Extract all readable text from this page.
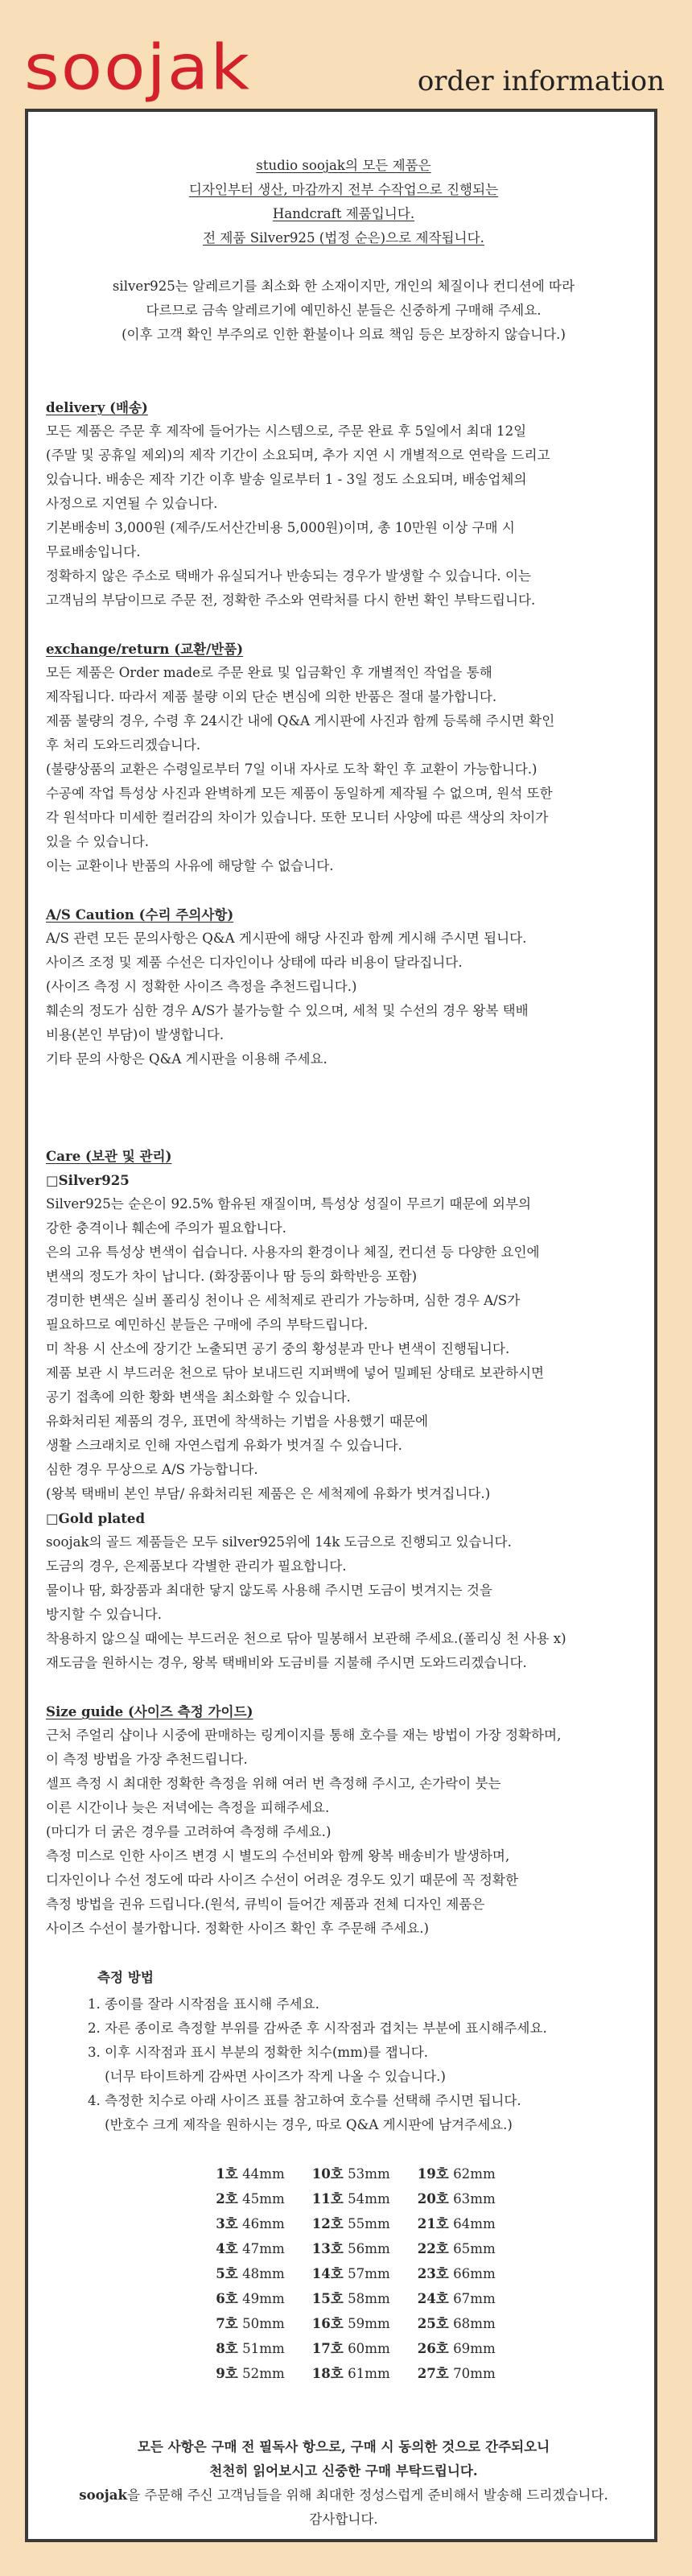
soojak	order information

studio soojak의 모든 제품은

디자인부터 생산, 마감까지 전부 수작업으로 진행되는

Handcraft 제품입니다.

전 제품 Silver925 (법정 순은)으로 제작됩니다.

silver925는 알레르기를 최소화 한 소재이지만, 개인의 체질이나 컨디션에 따라

다르므로 금속 알레르기에 예민하신 분들은 신중하게 구매해 주세요.

(이후 고객 확인 부주의로 인한 환불이나 의료 책임 등은 보장하지 않습니다.)

delivery (배송)

모든 제품은 주문 후 제작에 들어가는 시스템으로, 주문 완료 후 5일에서 최대 12일

(주말 및 공휴일 제외)의 제작 기간이 소요되며, 추가 지연 시 개별적으로 연락을 드리고

있습니다. 배송은 제작 기간 이후 발송 일로부터 1 - 3일 정도 소요되며, 배송업체의

사정으로 지연될 수 있습니다.

기본배송비 3,000원 (제주/도서산간비용 5,000원)이며, 총 10만원 이상 구매 시

무료배송입니다.

정확하지 않은 주소로 택배가 유실되거나 반송되는 경우가 발생할 수 있습니다. 이는

고객님의 부담이므로 주문 전, 정확한 주소와 연락처를 다시 한번 확인 부탁드립니다.

exchange/return (교환/반품)

모든 제품은 Order made로 주문 완료 및 입금확인 후 개별적인 작업을 통해

제작됩니다. 따라서 제품 불량 이외 단순 변심에 의한 반품은 절대 불가합니다.

제품 불량의 경우, 수령 후 24시간 내에 Q&A 게시판에 사진과 함께 등록해 주시면 확인

후 처리 도와드리겠습니다.

(불량상품의 교환은 수령일로부터 7일 이내 자사로 도착 확인 후 교환이 가능합니다.)

수공예 작업 특성상 사진과 완벽하게 모든 제품이 동일하게 제작될 수 없으며, 원석 또한

각 원석마다 미세한 컬러감의 차이가 있습니다. 또한 모니터 사양에 따른 색상의 차이가

있을 수 있습니다.

이는 교환이나 반품의 사유에 해당할 수 없습니다.

A/S Caution (수리 주의사항)

A/S 관련 모든 문의사항은 Q&A 게시판에 해당 사진과 함께 게시해 주시면 됩니다.

사이즈 조정 및 제품 수선은 디자인이나 상태에 따라 비용이 달라집니다.

(사이즈 측정 시 정확한 사이즈 측정을 추천드립니다.)

훼손의 정도가 심한 경우 A/S가 불가능할 수 있으며, 세척 및 수선의 경우 왕복 택배

비용(본인 부담)이 발생합니다.

기타 문의 사항은 Q&A 게시판을 이용해 주세요.

Care (보관 및 관리)

□Silver925

Silver925는 순은이 92.5% 함유된 재질이며, 특성상 성질이 무르기 때문에 외부의

강한 충격이나 훼손에 주의가 필요합니다.

은의 고유 특성상 변색이 쉽습니다. 사용자의 환경이나 체질, 컨디션 등 다양한 요인에

변색의 정도가 차이 납니다. (화장품이나 땀 등의 화학반응 포함)

경미한 변색은 실버 폴리싱 천이나 은 세척제로 관리가 가능하며, 심한 경우 A/S가

필요하므로 예민하신 분들은 구매에 주의 부탁드립니다.

미 착용 시 산소에 장기간 노출되면 공기 중의 황성분과 만나 변색이 진행됩니다.

제품 보관 시 부드러운 천으로 닦아 보내드린 지퍼백에 넣어 밀폐된 상태로 보관하시면

공기 접촉에 의한 황화 변색을 최소화할 수 있습니다.

유화처리된 제품의 경우, 표면에 착색하는 기법을 사용했기 때문에

생활 스크래치로 인해 자연스럽게 유화가 벗겨질 수 있습니다.

심한 경우 무상으로 A/S 가능합니다.

(왕복 택배비 본인 부담/ 유화처리된 제품은 은 세척제에 유화가 벗겨집니다.)

□Gold plated

soojak의 골드 제품들은 모두 silver925위에 14k 도금으로 진행되고 있습니다.

도금의 경우, 은제품보다 각별한 관리가 필요합니다.

물이나 땀, 화장품과 최대한 닿지 않도록 사용해 주시면 도금이 벗겨지는 것을

방지할 수 있습니다.

착용하지 않으실 때에는 부드러운 천으로 닦아 밀봉해서 보관해 주세요.(폴리싱 천 사용 x)

재도금을 원하시는 경우, 왕복 택배비와 도금비를 지불해 주시면 도와드리겠습니다.

Size guide (사이즈 측정 가이드)

근처 주얼리 샵이나 시중에 판매하는 링게이지를 통해 호수를 재는 방법이 가장 정확하며,

이 측정 방법을 가장 추천드립니다.

셀프 측정 시 최대한 정확한 측정을 위해 여러 번 측정해 주시고, 손가락이 붓는

이른 시간이나 늦은 저녁에는 측정을 피해주세요.

(마디가 더 굵은 경우를 고려하여 측정해 주세요.)

측정 미스로 인한 사이즈 변경 시 별도의 수선비와 함께 왕복 배송비가 발생하며,

디자인이나 수선 정도에 따라 사이즈 수선이 어려운 경우도 있기 때문에 꼭 정확한

측정 방법을 권유 드립니다.(원석, 큐빅이 들어간 제품과 전체 디자인 제품은

사이즈 수선이 불가합니다. 정확한 사이즈 확인 후 주문해 주세요.)

측정 방법

1. 종이를 잘라 시작점을 표시해 주세요.

2. 자른 종이로 측정할 부위를 감싸준 후 시작점과 겹치는 부분에 표시해주세요.

3. 이후 시작점과 표시 부분의 정확한 치수(mm)를 잽니다.

(너무 타이트하게 감싸면 사이즈가 작게 나올 수 있습니다.)

4. 측정한 치수로 아래 사이즈 표를 참고하여 호수를 선택해 주시면 됩니다.

(반호수 크게 제작을 원하시는 경우, 따로 Q&A 게시판에 남겨주세요.)

1호 44mm 10호 53mm 19호 62mm
2호 45mm 11호 54mm 20호 63mm
3호 46mm 12호 55mm 21호 64mm
4호 47mm 13호 56mm 22호 65mm
5호 48mm 14호 57mm 23호 66mm
6호 49mm 15호 58mm 24호 67mm
7호 50mm 16호 59mm 25호 68mm
8호 51mm 17호 60mm 26호 69mm
9호 52mm 18호 61mm 27호 70mm

모든 사항은 구매 전 필독사 항으로, 구매 시 동의한 것으로 간주되오니

천천히 읽어보시고 신중한 구매 부탁드립니다.

soojak을 주문해 주신 고객님들을 위해 최대한 정성스럽게 준비해서 발송해 드리겠습니다.

감사합니다.
